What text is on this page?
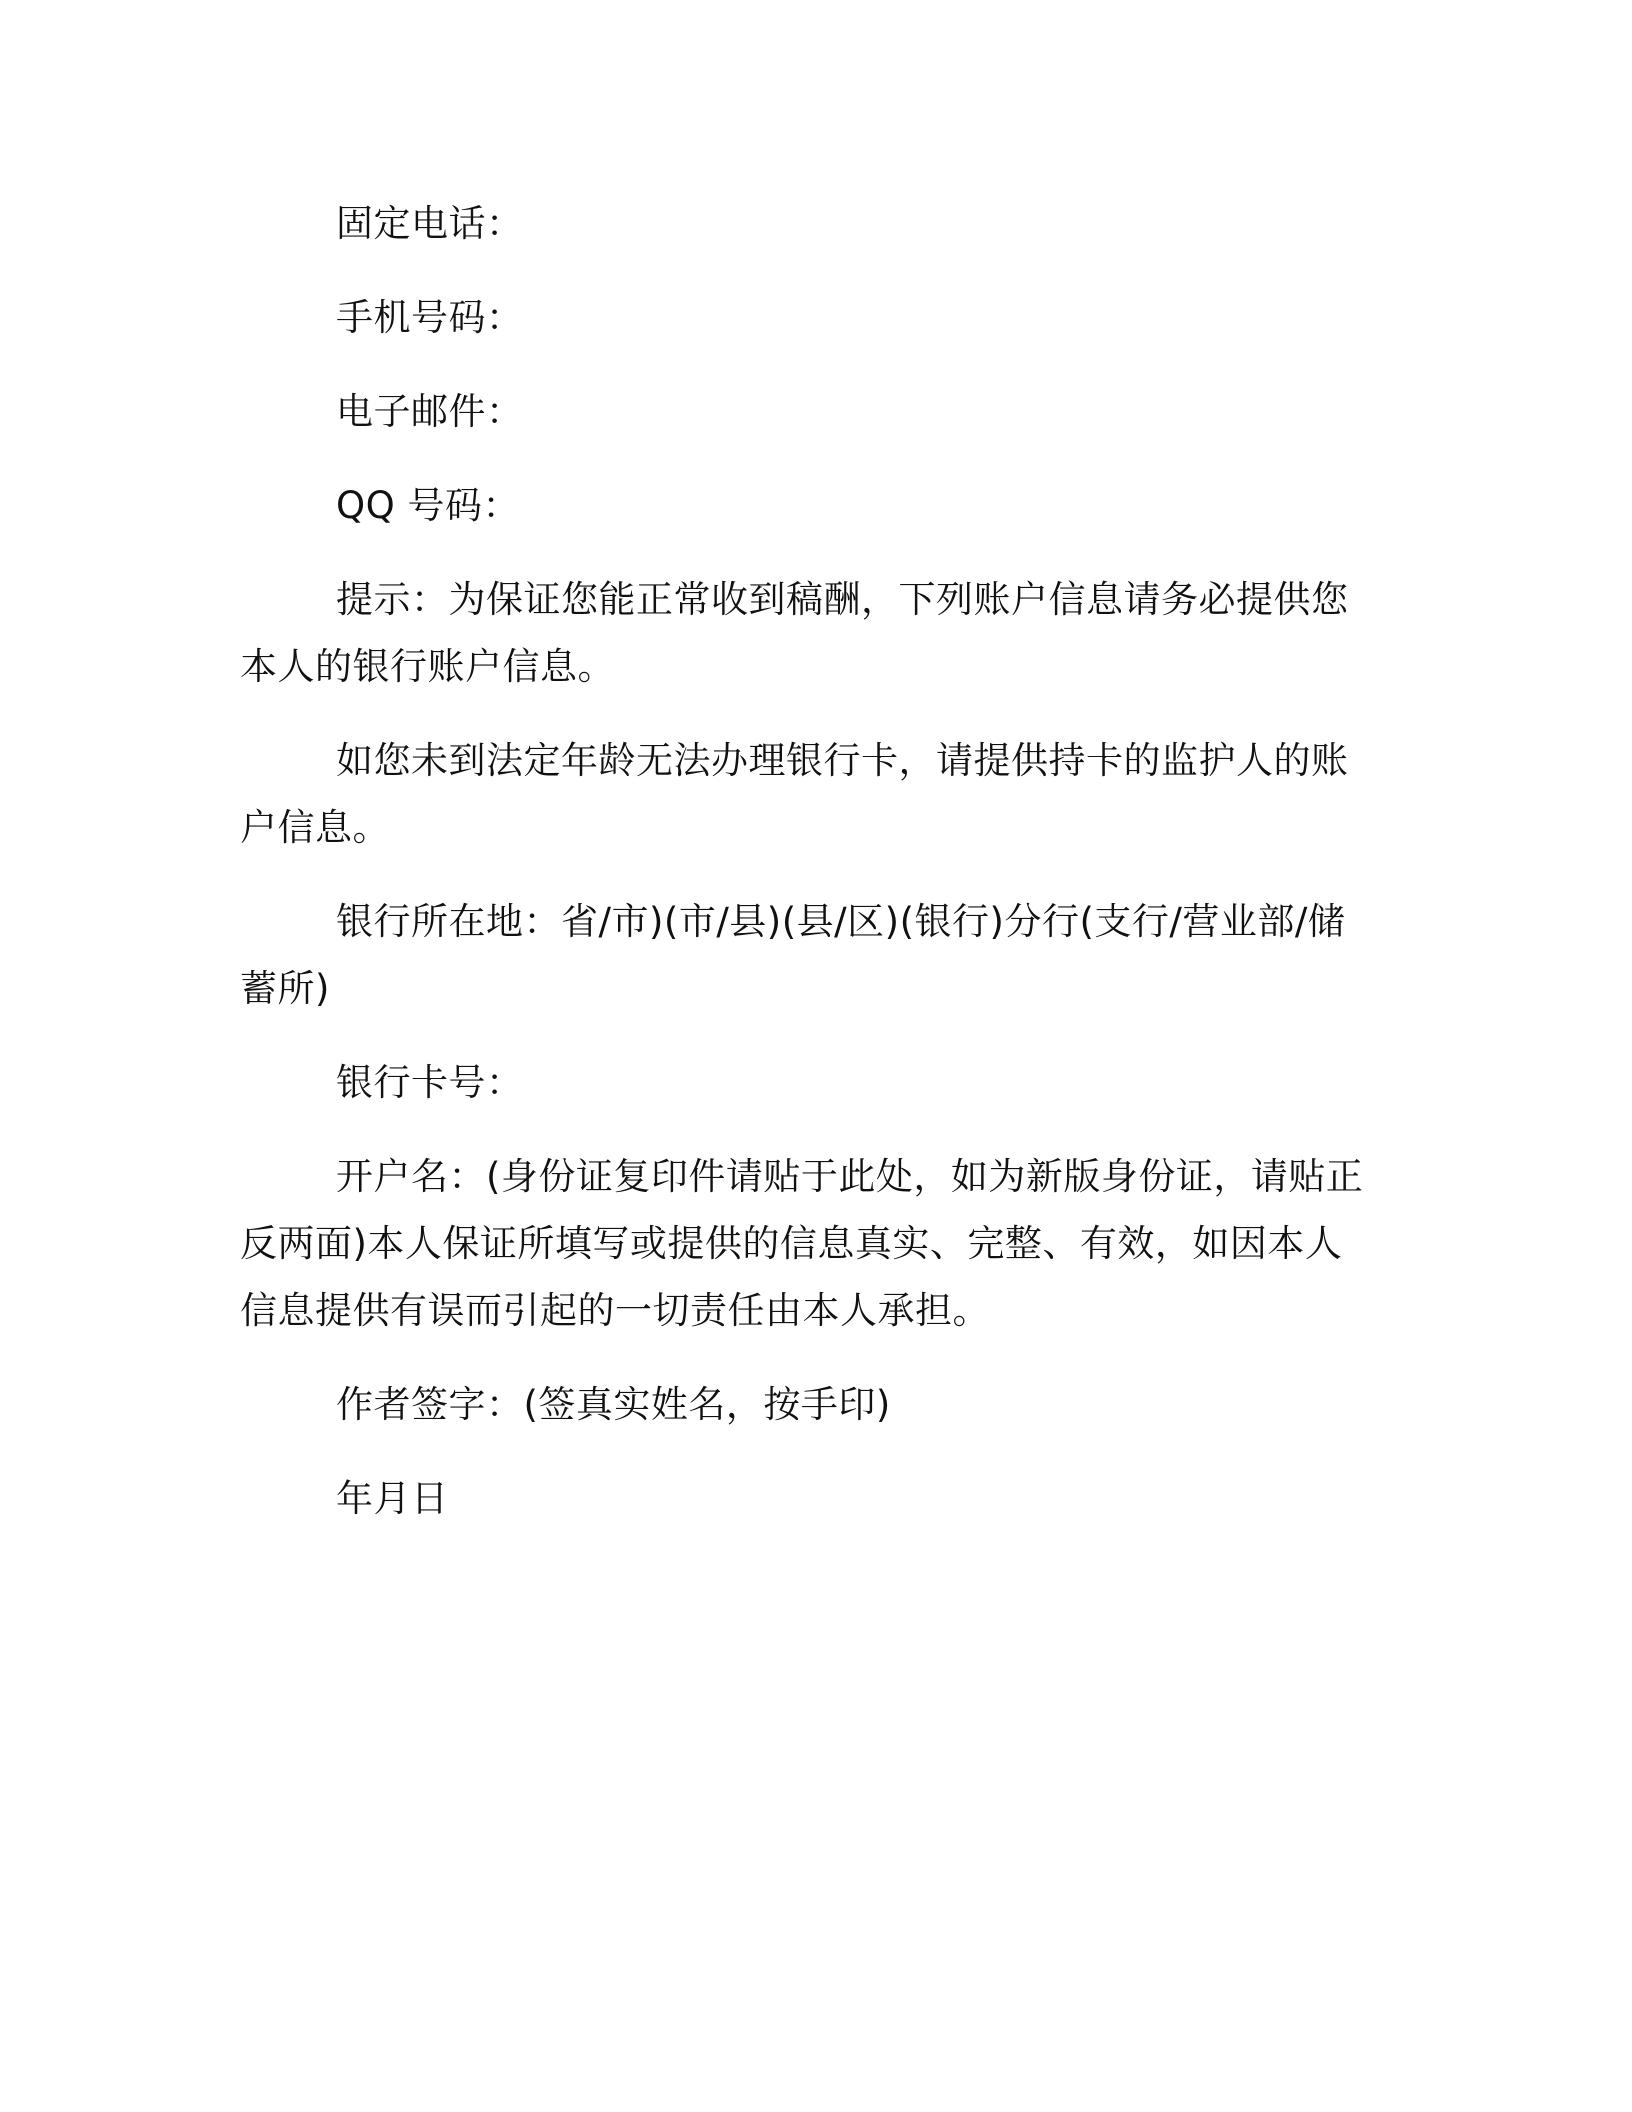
固定电话：

手机号码：

电子邮件：

QQ 号码：

提示：为保证您能正常收到稿酬，下列账户信息请务必提供您本人的银行账户信息。

如您未到法定年龄无法办理银行卡，请提供持卡的监护人的账户信息。

银行所在地：省/市)(市/县)(县/区)(银行)分行(支行/营业部/储蓄所)

银行卡号：

开户名：(身份证复印件请贴于此处，如为新版身份证，请贴正反两面)本人保证所填写或提供的信息真实、完整、有效，如因本人信息提供有误而引起的一切责任由本人承担。

作者签字：(签真实姓名，按手印)

年月日
